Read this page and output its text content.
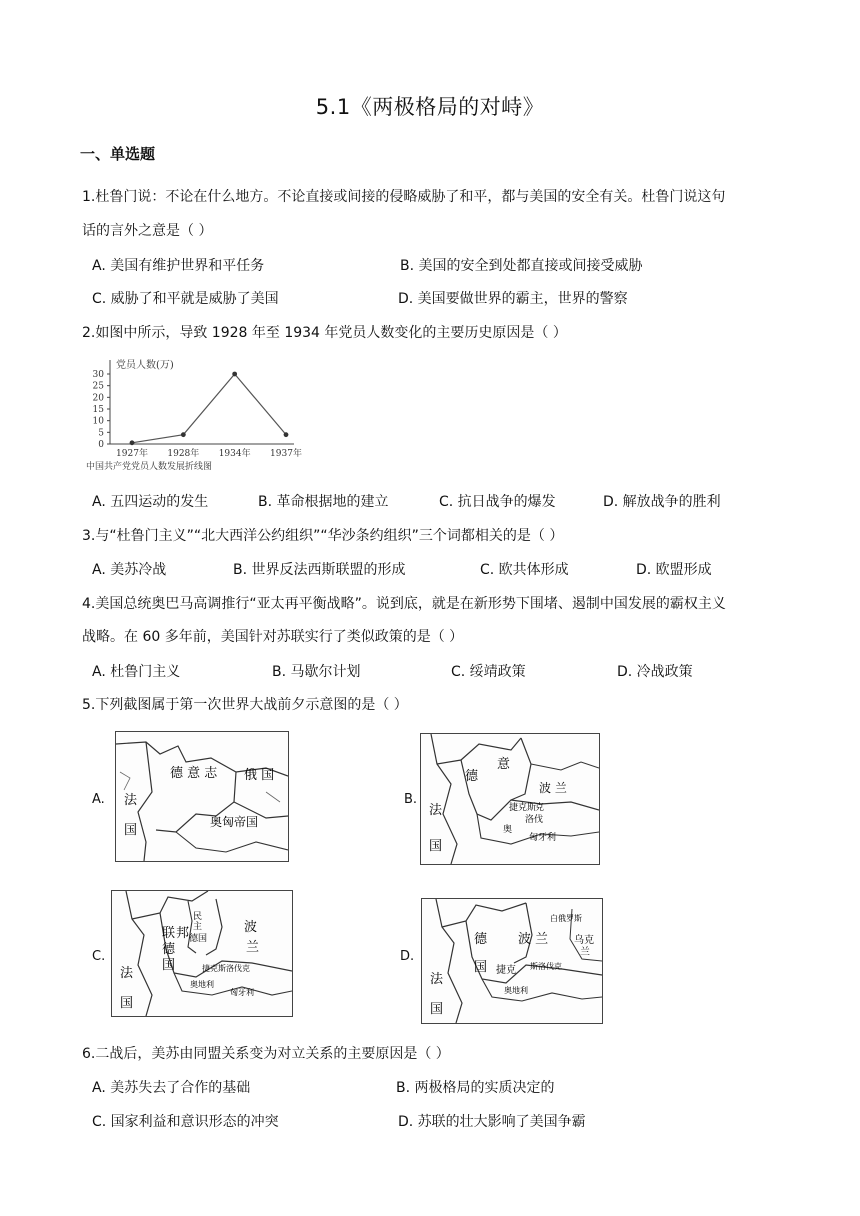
5.1《两极格局的对峙》
一、单选题
1.杜鲁门说：不论在什么地方。不论直接或间接的侵略威胁了和平，都与美国的安全有关。杜鲁门说这句
话的言外之意是（ ）
A. 美国有维护世界和平任务	B. 美国的安全到处都直接或间接受威胁
C. 威胁了和平就是威胁了美国	D. 美国要做世界的霸主，世界的警察
2.如图中所示，导致 1928 年至 1934 年党员人数变化的主要历史原因是（ ）
党员人数(万)
30
25
20
15
10
5
0
1927年 1928年 1934年 1937年
中国共产党党员人数发展折线图
A. 五四运动的发生	B. 革命根据地的建立	C. 抗日战争的爆发	D. 解放战争的胜利
3.与“杜鲁门主义”“北大西洋公约组织”“华沙条约组织”三个词都相关的是（ ）
A. 美苏冷战	B. 世界反法西斯联盟的形成	C. 欧共体形成	D. 欧盟形成
4.美国总统奥巴马高调推行“亚太再平衡战略”。说到底，就是在新形势下围堵、遏制中国发展的霸权主义
战略。在 60 多年前，美国针对苏联实行了类似政策的是（ ）
A. 杜鲁门主义	B. 马歇尔计划	C. 绥靖政策	D. 冷战政策
5.下列截图属于第一次世界大战前夕示意图的是（ ）
A.
德 意 志 俄 国
法
国
奥匈帝国
B.
意
德
波 兰
法
国
捷克斯
洛伐
克
匈牙利
奥
C.
民
主
德国
联 邦
德
国
波
兰
法
国
捷克斯洛伐克
奥地利
匈牙利
D.
白俄罗斯
德
国
波 兰	乌克
兰
法
国
捷克 斯洛伐克
奥地利
6.二战后，美苏由同盟关系变为对立关系的主要原因是（ ）
A. 美苏失去了合作的基础	B. 两极格局的实质决定的
C. 国家利益和意识形态的冲突	D. 苏联的壮大影响了美国争霸
